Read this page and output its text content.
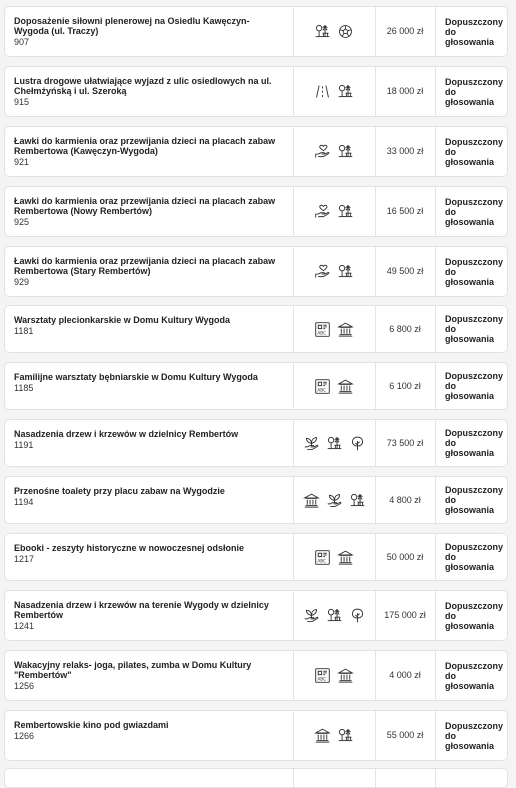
Doposażenie siłowni plenerowej na Osiedlu Kawęczyn-Wygoda (ul. Traczy)
907
26 000 zł
Dopuszczony do głosowania
Lustra drogowe ułatwiające wyjazd z ulic osiedlowych na ul. Chełmżyńską i ul. Szeroką
915
18 000 zł
Dopuszczony do głosowania
Ławki do karmienia oraz przewijania dzieci na placach zabaw Rembertowa (Kawęczyn-Wygoda)
921
33 000 zł
Dopuszczony do głosowania
Ławki do karmienia oraz przewijania dzieci na placach zabaw Rembertowa (Nowy Rembertów)
925
16 500 zł
Dopuszczony do głosowania
Ławki do karmienia oraz przewijania dzieci na placach zabaw Rembertowa (Stary Rembertów)
929
49 500 zł
Dopuszczony do głosowania
Warsztaty plecionkarskie w Domu Kultury Wygoda
1181	ABC
6 800 zł
Dopuszczony do głosowania
Familijne warsztaty bębniarskie w Domu Kultury Wygoda
1185	ABC
6 100 zł
Dopuszczony do głosowania
Nasadzenia drzew i krzewów w dzielnicy Rembertów
1191	73 500 zł
Dopuszczony do głosowania
Przenośne toalety przy placu zabaw na Wygodzie
1194	4 800 zł
Dopuszczony do głosowania
Ebooki - zeszyty historyczne w nowoczesnej odsłonie
1217	ABC
50 000 zł
Dopuszczony do głosowania
Nasadzenia drzew i krzewów na terenie Wygody w dzielnicy Rembertów
1241
175 000 zł
Dopuszczony do głosowania
Wakacyjny relaks- joga, pilates, zumba w Domu Kultury "Rembertów"
1256
ABC
4 000 zł
Dopuszczony do głosowania
Rembertowskie kino pod gwiazdami
1266	55 000 zł
Dopuszczony do głosowania
